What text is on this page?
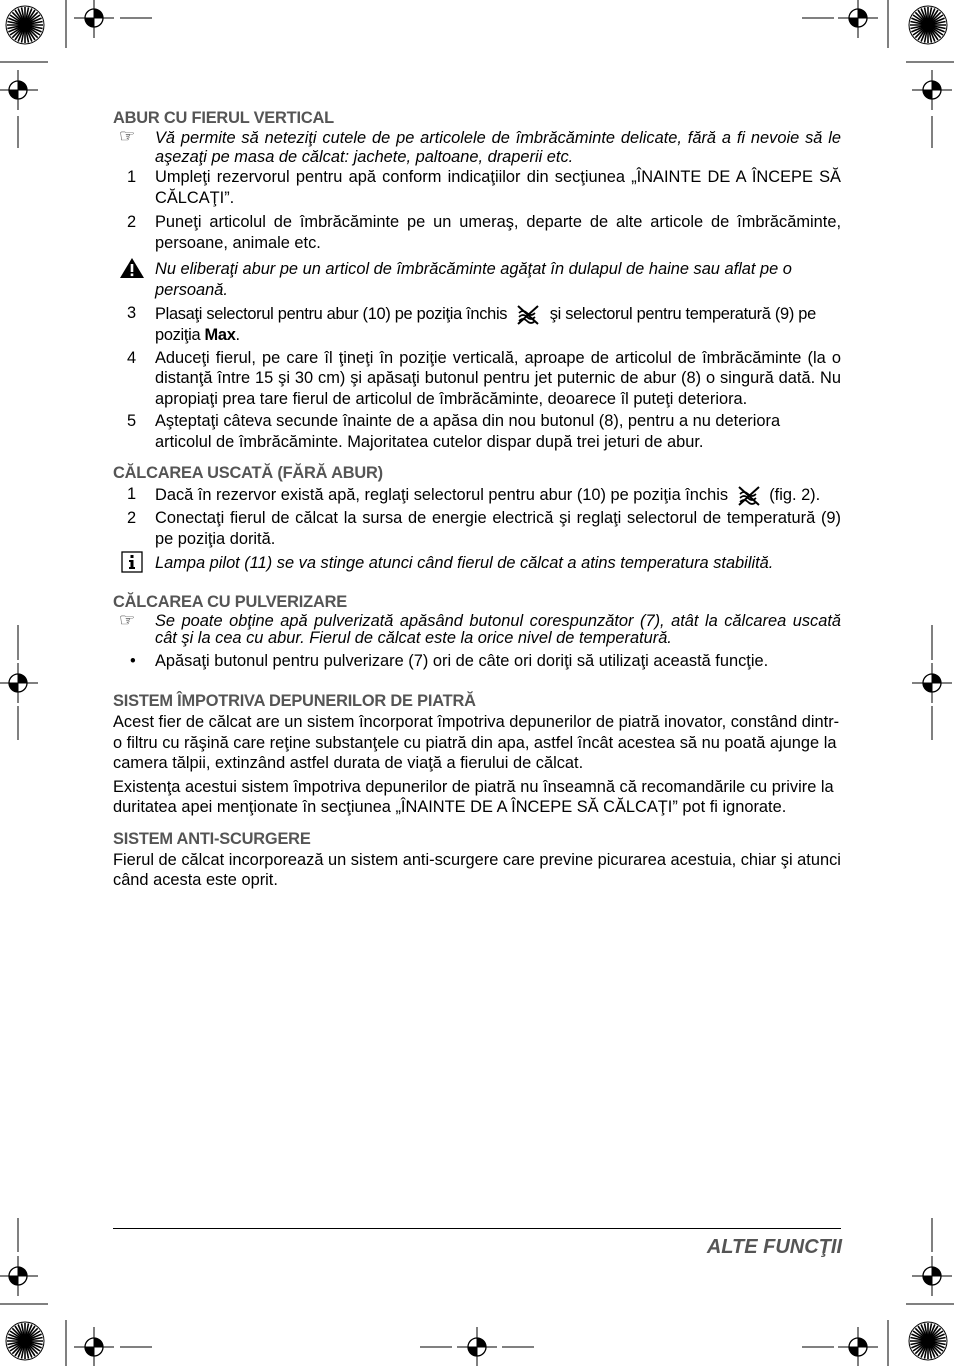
ABUR CU FIERUL VERTICAL
☞	Vă permite să neteziţi cutele de pe articolele de îmbrăcăminte delicate, fără a fi nevoie să le aşezaţi pe masa de călcat: jachete, paltoane, draperii etc.
1	Umpleţi rezervorul pentru apă conform indicaţiilor din secţiunea „ÎNAINTE DE A ÎNCEPE SĂ CĂLCAŢI”.
2	Puneţi articolul de îmbrăcăminte pe un umeraş, departe de alte articole de îmbrăcăminte, persoane, animale etc.
Nu eliberaţi abur pe un articol de îmbrăcăminte agăţat în dulapul de haine sau aflat pe o persoană.
3	Plasaţi selectorul pentru abur (10) pe poziţia închis	şi selectorul pentru temperatură (9) pe poziţia Max.
4	Aduceţi fierul, pe care îl ţineţi în poziţie verticală, aproape de articolul de îmbrăcăminte (la o distanţă între 15 şi 30 cm) şi apăsaţi butonul pentru jet puternic de abur (8) o singură dată. Nu apropiaţi prea tare fierul de articolul de îmbrăcăminte, deoarece îl puteţi deteriora.
5	Aşteptaţi câteva secunde înainte de a apăsa din nou butonul (8), pentru a nu deteriora articolul de îmbrăcăminte. Majoritatea cutelor dispar după trei jeturi de abur.
CĂLCAREA USCATĂ (FĂRĂ ABUR)
1	Dacă în rezervor există apă, reglaţi selectorul pentru abur (10) pe poziţia închis	(fig. 2).
2	Conectaţi fierul de călcat la sursa de energie electrică şi reglaţi selectorul de temperatură (9) pe poziţia dorită.
Lampa pilot (11) se va stinge atunci când fierul de călcat a atins temperatura stabilită.
CĂLCAREA CU PULVERIZARE
☞	Se poate obţine apă pulverizată apăsând butonul corespunzător (7), atât la călcarea uscată cât şi la cea cu abur. Fierul de călcat este la orice nivel de temperatură.
•	Apăsaţi butonul pentru pulverizare (7) ori de câte ori doriţi să utilizaţi această funcţie.
SISTEM ÎMPOTRIVA DEPUNERILOR DE PIATRĂ

Acest fier de călcat are un sistem încorporat împotriva depunerilor de piatră inovator, constând dintr-o filtru cu răşină care reţine substanţele cu piatră din apa, astfel încât acestea să nu poată ajunge la camera tălpii, extinzând astfel durata de viaţă a fierului de călcat.

Existenţa acestui sistem împotriva depunerilor de piatră nu înseamnă că recomandările cu privire la duritatea apei menţionate în secţiunea „ÎNAINTE DE A ÎNCEPE SĂ CĂLCAŢI” pot fi ignorate.

SISTEM ANTI-SCURGERE

Fierul de călcat incorporează un sistem anti-scurgere care previne picurarea acestuia, chiar şi atunci când acesta este oprit.

ALTE FUNCŢII
